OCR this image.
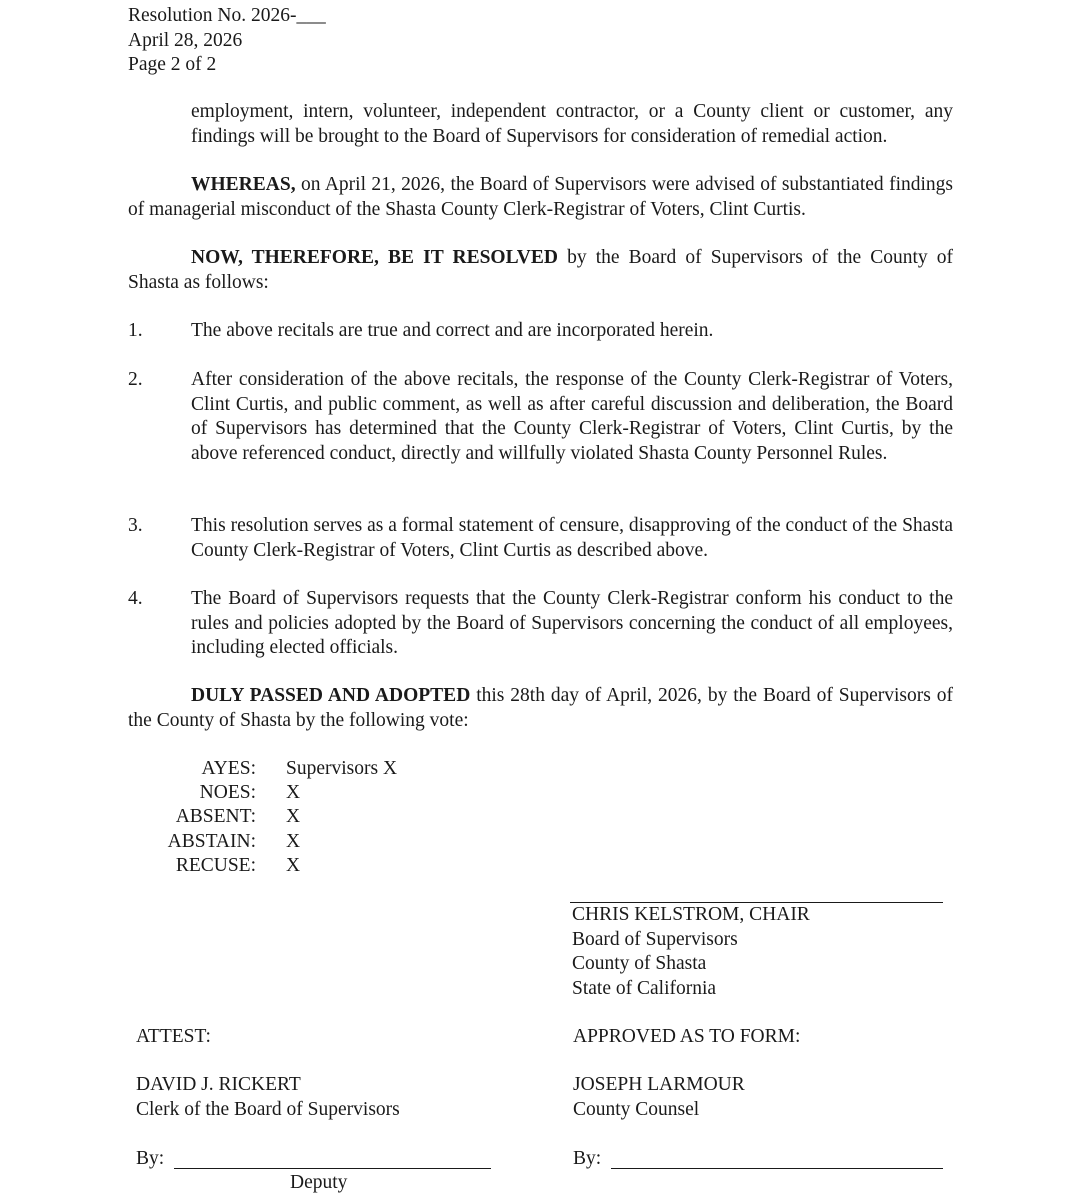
Resolution No. 2026-___
April 28, 2026
Page 2 of 2
employment, intern, volunteer, independent contractor, or a County client or customer, any findings will be brought to the Board of Supervisors for consideration of remedial action.
WHEREAS, on April 21, 2026, the Board of Supervisors were advised of substantiated findings of managerial misconduct of the Shasta County Clerk-Registrar of Voters, Clint Curtis.
NOW, THEREFORE, BE IT RESOLVED by the Board of Supervisors of the County of Shasta as follows:
1.	The above recitals are true and correct and are incorporated herein.
2.	After consideration of the above recitals, the response of the County Clerk-Registrar of Voters, Clint Curtis, and public comment, as well as after careful discussion and deliberation, the Board of Supervisors has determined that the County Clerk-Registrar of Voters, Clint Curtis, by the above referenced conduct, directly and willfully violated Shasta County Personnel Rules.
3.	This resolution serves as a formal statement of censure, disapproving of the conduct of the Shasta County Clerk-Registrar of Voters, Clint Curtis as described above.
4.	The Board of Supervisors requests that the County Clerk-Registrar conform his conduct to the rules and policies adopted by the Board of Supervisors concerning the conduct of all employees, including elected officials.
DULY PASSED AND ADOPTED this 28th day of April, 2026, by the Board of Supervisors of the County of Shasta by the following vote:
AYES: Supervisors X
NOES: X
ABSENT: X
ABSTAIN: X
RECUSE: X
CHRIS KELSTROM, CHAIR
Board of Supervisors
County of Shasta
State of California
ATTEST:	APPROVED AS TO FORM:
DAVID J. RICKERT
Clerk of the Board of Supervisors
JOSEPH LARMOUR
County Counsel
By:
Deputy
By:
